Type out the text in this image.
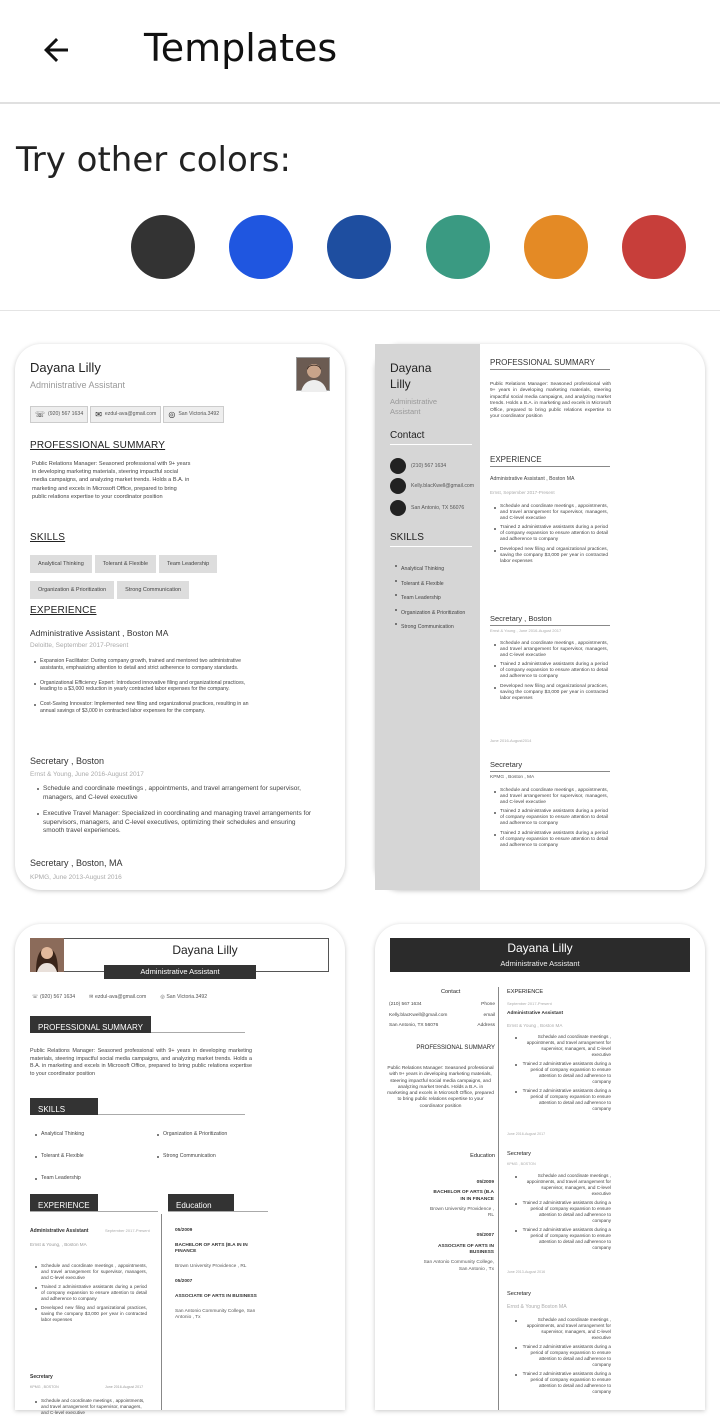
Templates
Try other colors:
Dayana Lilly
Administrative Assistant
☏ (920) 567 1634 ✉ ezdul-ava@gmail.com ◎ San Victoria.3492
PROFESSIONAL SUMMARY
Public Relations Manager: Seasoned professional with 9+ years in developing marketing materials, steering impactful social media campaigns, and analyzing market trends. Holds a B.A. in marketing and excels in Microsoft Office, prepared to bring public relations expertise to your coordinator position
SKILLS
Analytical Thinking	Tolerant & Flexible	Team LeadershipOrganization & Prioritization	Strong Communication
EXPERIENCE
Administrative Assistant , Boston MA
Deloitte, September 2017-Present
Expansion Facilitator: During company growth, trained and mentored two administrative assistants, emphasizing attention to detail and strict adherence to company standards.
Organizational Efficiency Expert: Introduced innovative filing and organizational practices, leading to a $3,000 reduction in yearly contracted labor expenses for the company.
Cost-Saving Innovator: Implemented new filing and organizational practices, resulting in an annual savings of $3,000 in contracted labor expenses for the company.
Secretary , Boston
Ernst & Young, June 2016-August 2017
Schedule and coordinate meetings , appointments, and travel arrangement for supervisor, managers, and C-level executive
Executive Travel Manager: Specialized in coordinating and managing travel arrangements for supervisors, managers, and C-level executives, optimizing their schedules and ensuring smooth travel experiences.
Secretary , Boston, MA
KPMG, June 2013-August 2016
Dayana Lilly
Administrative Assistant
Contact
(210) 567 1634
Kelly.blacKwell@gmail.com
San Antonio, TX 56076
SKILLS
Analytical Thinking
Tolerant & Flexible
Team Leadership
Organization & Prioritization
Strong Communication
PROFESSIONAL SUMMARY
Public Relations Manager: Seasoned professional with 9+ years in developing marketing materials, steering impactful social media campaigns, and analyzing market trends. Holds a B.A. in marketing and excels in Microsoft Office, prepared to bring public relations expertise to your coordinator position
EXPERIENCE
Administrative Assistant , Boston MA
Ernst, September 2017-Present
Schedule and coordinate meetings , appointments, and travel arrangement for supervisor, managers, and C-level executive
Trained 2 administrative assistants during a period of company expansion to ensure attention to detail and adherence to company
Developed new filing and organizational practices, saving the company $3,000 per year in contracted labor expenses
Secretary , Boston
Ernst & Young , June 2016-August 2017
Schedule and coordinate meetings , appointments, and travel arrangement for supervisor, managers, and C-level executive
Trained 2 administrative assistants during a period of company expansion to ensure attention to detail and adherence to company
Developed new filing and organizational practices, saving the company $3,000 per year in contracted labor expenses
June 2016-August2014
Secretary
KPMG , Boston , MA
Schedule and coordinate meetings , appointments, and travel arrangement for supervisor, managers, and C-level executive
Trained 2 administrative assistants during a period of company expansion to ensure attention to detail and adherence to company
Trained 2 administrative assistants during a period of company expansion to ensure attention to detail and adherence to company
Dayana Lilly
Administrative Assistant
☏ (920) 567 1634	✉ ezdul-ava@gmail.com	◎ San Victoria.3492
PROFESSIONAL SUMMARY
Public Relations Manager: Seasoned professional with 9+ years in developing marketing materials, steering impactful social media campaigns, and analyzing market trends. Holds a B.A. in marketing and excels in Microsoft Office, prepared to bring public relations expertise to your coordinator position
SKILLS
Analytical Thinking	Organization & Prioritization
Tolerant & Flexible	Strong Communication
Team Leadership
EXPERIENCE	Education
Administrative Assistant	September 2017-Present
Ernst & Young, , Boston MA
Schedule and coordinate meetings , appointments, and travel arrangement for supervisor, managers, and C-level executive
Trained 2 administrative assistants during a period of company expansion to ensure attention to detail and adherence to company
Developed new filing and organizational practices, saving the company $3,000 per year in contracted labor expenses
Secretary
KPMG , BOSTON	June 2016-August 2017
Schedule and coordinate meetings , appointments, and travel arrangement for supervisor, managers, and C-level executive
05/2009
BACHELOR OF ARTS (B.A IN IN FINANCE
Brown University Providence , RL
05/2007
ASSOCIATE OF ARTS IN BUSINESS
San Antonio Community College, San Antonio , Tx
Dayana Lilly
Administrative Assistant
Contact
(210) 567 1634	Phone
Kelly.blacKwell@gmail.com	email
San Antonio, TX 56076	Address
PROFESSIONAL SUMMARY
Public Relations Manager: Seasoned professional with 9+ years in developing marketing materials, steering impactful social media campaigns, and analyzing market trends. Holds a B.A. in marketing and excels in Microsoft Office, prepared to bring public relations expertise to your coordinator position
Education
05/2009
BACHELOR OF ARTS (B.A IN IN FINANCE
Brown University Providence , RL
05/2007
ASSOCIATE OF ARTS IN BUSINESS
San Antonio Community College, San Antonio , Tx
EXPERIENCE
September 2017-Present
Administrative Assistant
Ernst & Young , Boston MA
Schedule and coordinate meetings , appointments, and travel arrangement for supervisor, managers, and C-level executive
Trained 2 administrative assistants during a period of company expansion to ensure attention to detail and adherence to company
Trained 2 administrative assistants during a period of company expansion to ensure attention to detail and adherence to company
June 2016-August 2017
Secretary
KPMG , BOSTON
Schedule and coordinate meetings , appointments, and travel arrangement for supervisor, managers, and C-level executive
Trained 2 administrative assistants during a period of company expansion to ensure attention to detail and adherence to company
Trained 2 administrative assistants during a period of company expansion to ensure attention to detail and adherence to company
June 2013-August 2016
Secretary
Ernst & Young Boston MA
Schedule and coordinate meetings , appointments, and travel arrangement for supervisor, managers, and C-level executive
Trained 2 administrative assistants during a period of company expansion to ensure attention to detail and adherence to company
Trained 2 administrative assistants during a period of company expansion to ensure attention to detail and adherence to company
